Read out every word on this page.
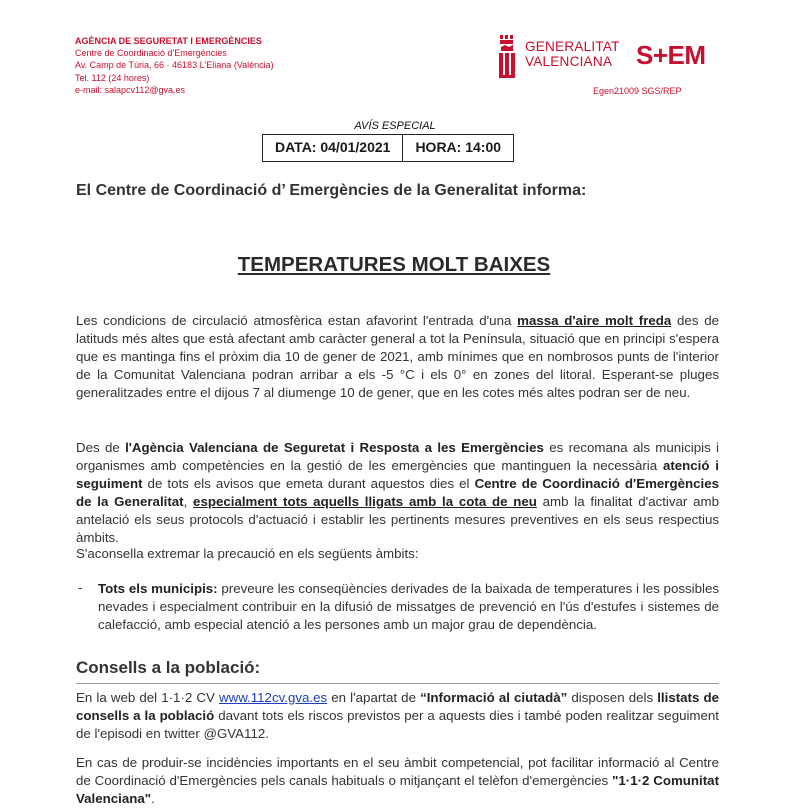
AGÈNCIA DE SEGURETAT I EMERGÈNCIES
Centre de Coordinació d'Emergències
Av. Camp de Túria, 66 · 46183 L'Eliana (València)
Tel. 112 (24 hores)
e-mail: salapcv112@gva.es
GENERALITAT
VALENCIANA S+EM
Egen21009 SGS/REP
AVÍS ESPECIAL
DATA: 04/01/2021	HORA: 14:00
El Centre de Coordinació d’ Emergències de la Generalitat informa:
TEMPERATURES MOLT BAIXES

Les condicions de circulació atmosfèrica estan afavorint l'entrada d'una massa d'aire molt freda des de latituds més altes que està afectant amb caràcter general a tot la Península, situació que en principi s'espera que es mantinga fins el pròxim dia 10 de gener de 2021, amb mínimes que en nombrosos punts de l'interior de la Comunitat Valenciana podran arribar a els -5 °C i els 0° en zones del litoral. Esperant-se pluges generalitzades entre el dijous 7 al diumenge 10 de gener, que en les cotes més altes podran ser de neu.

Des de l'Agència Valenciana de Seguretat i Resposta a les Emergències es recomana als municipis i organismes amb competències en la gestió de les emergències que mantinguen la necessària atenció i seguiment de tots els avisos que emeta durant aquestos dies el Centre de Coordinació d'Emergències de la Generalitat, especialment tots aquells lligats amb la cota de neu amb la finalitat d'activar amb antelació els seus protocols d'actuació i establir les pertinents mesures preventives en els seus respectius àmbits.

S'aconsella extremar la precaució en els següents àmbits:

- Tots els municipis: preveure les conseqüències derivades de la baixada de temperatures i les possibles nevades i especialment contribuir en la difusió de missatges de prevenció en l'ús d'estufes i sistemes de calefacció, amb especial atenció a les persones amb un major grau de dependència.

Consells a la població:

En la web del 1·1·2 CV www.112cv.gva.es en l'apartat de “Informació al ciutadà” disposen dels llistats de consells a la població davant tots els riscos previstos per a aquests dies i també poden realitzar seguiment de l'episodi en twitter @GVA112.

En cas de produir-se incidències importants en el seu àmbit competencial, pot facilitar informació al Centre de Coordinació d'Emergències pels canals habituals o mitjançant el telèfon d'emergències "1·1·2 Comunitat Valenciana".
